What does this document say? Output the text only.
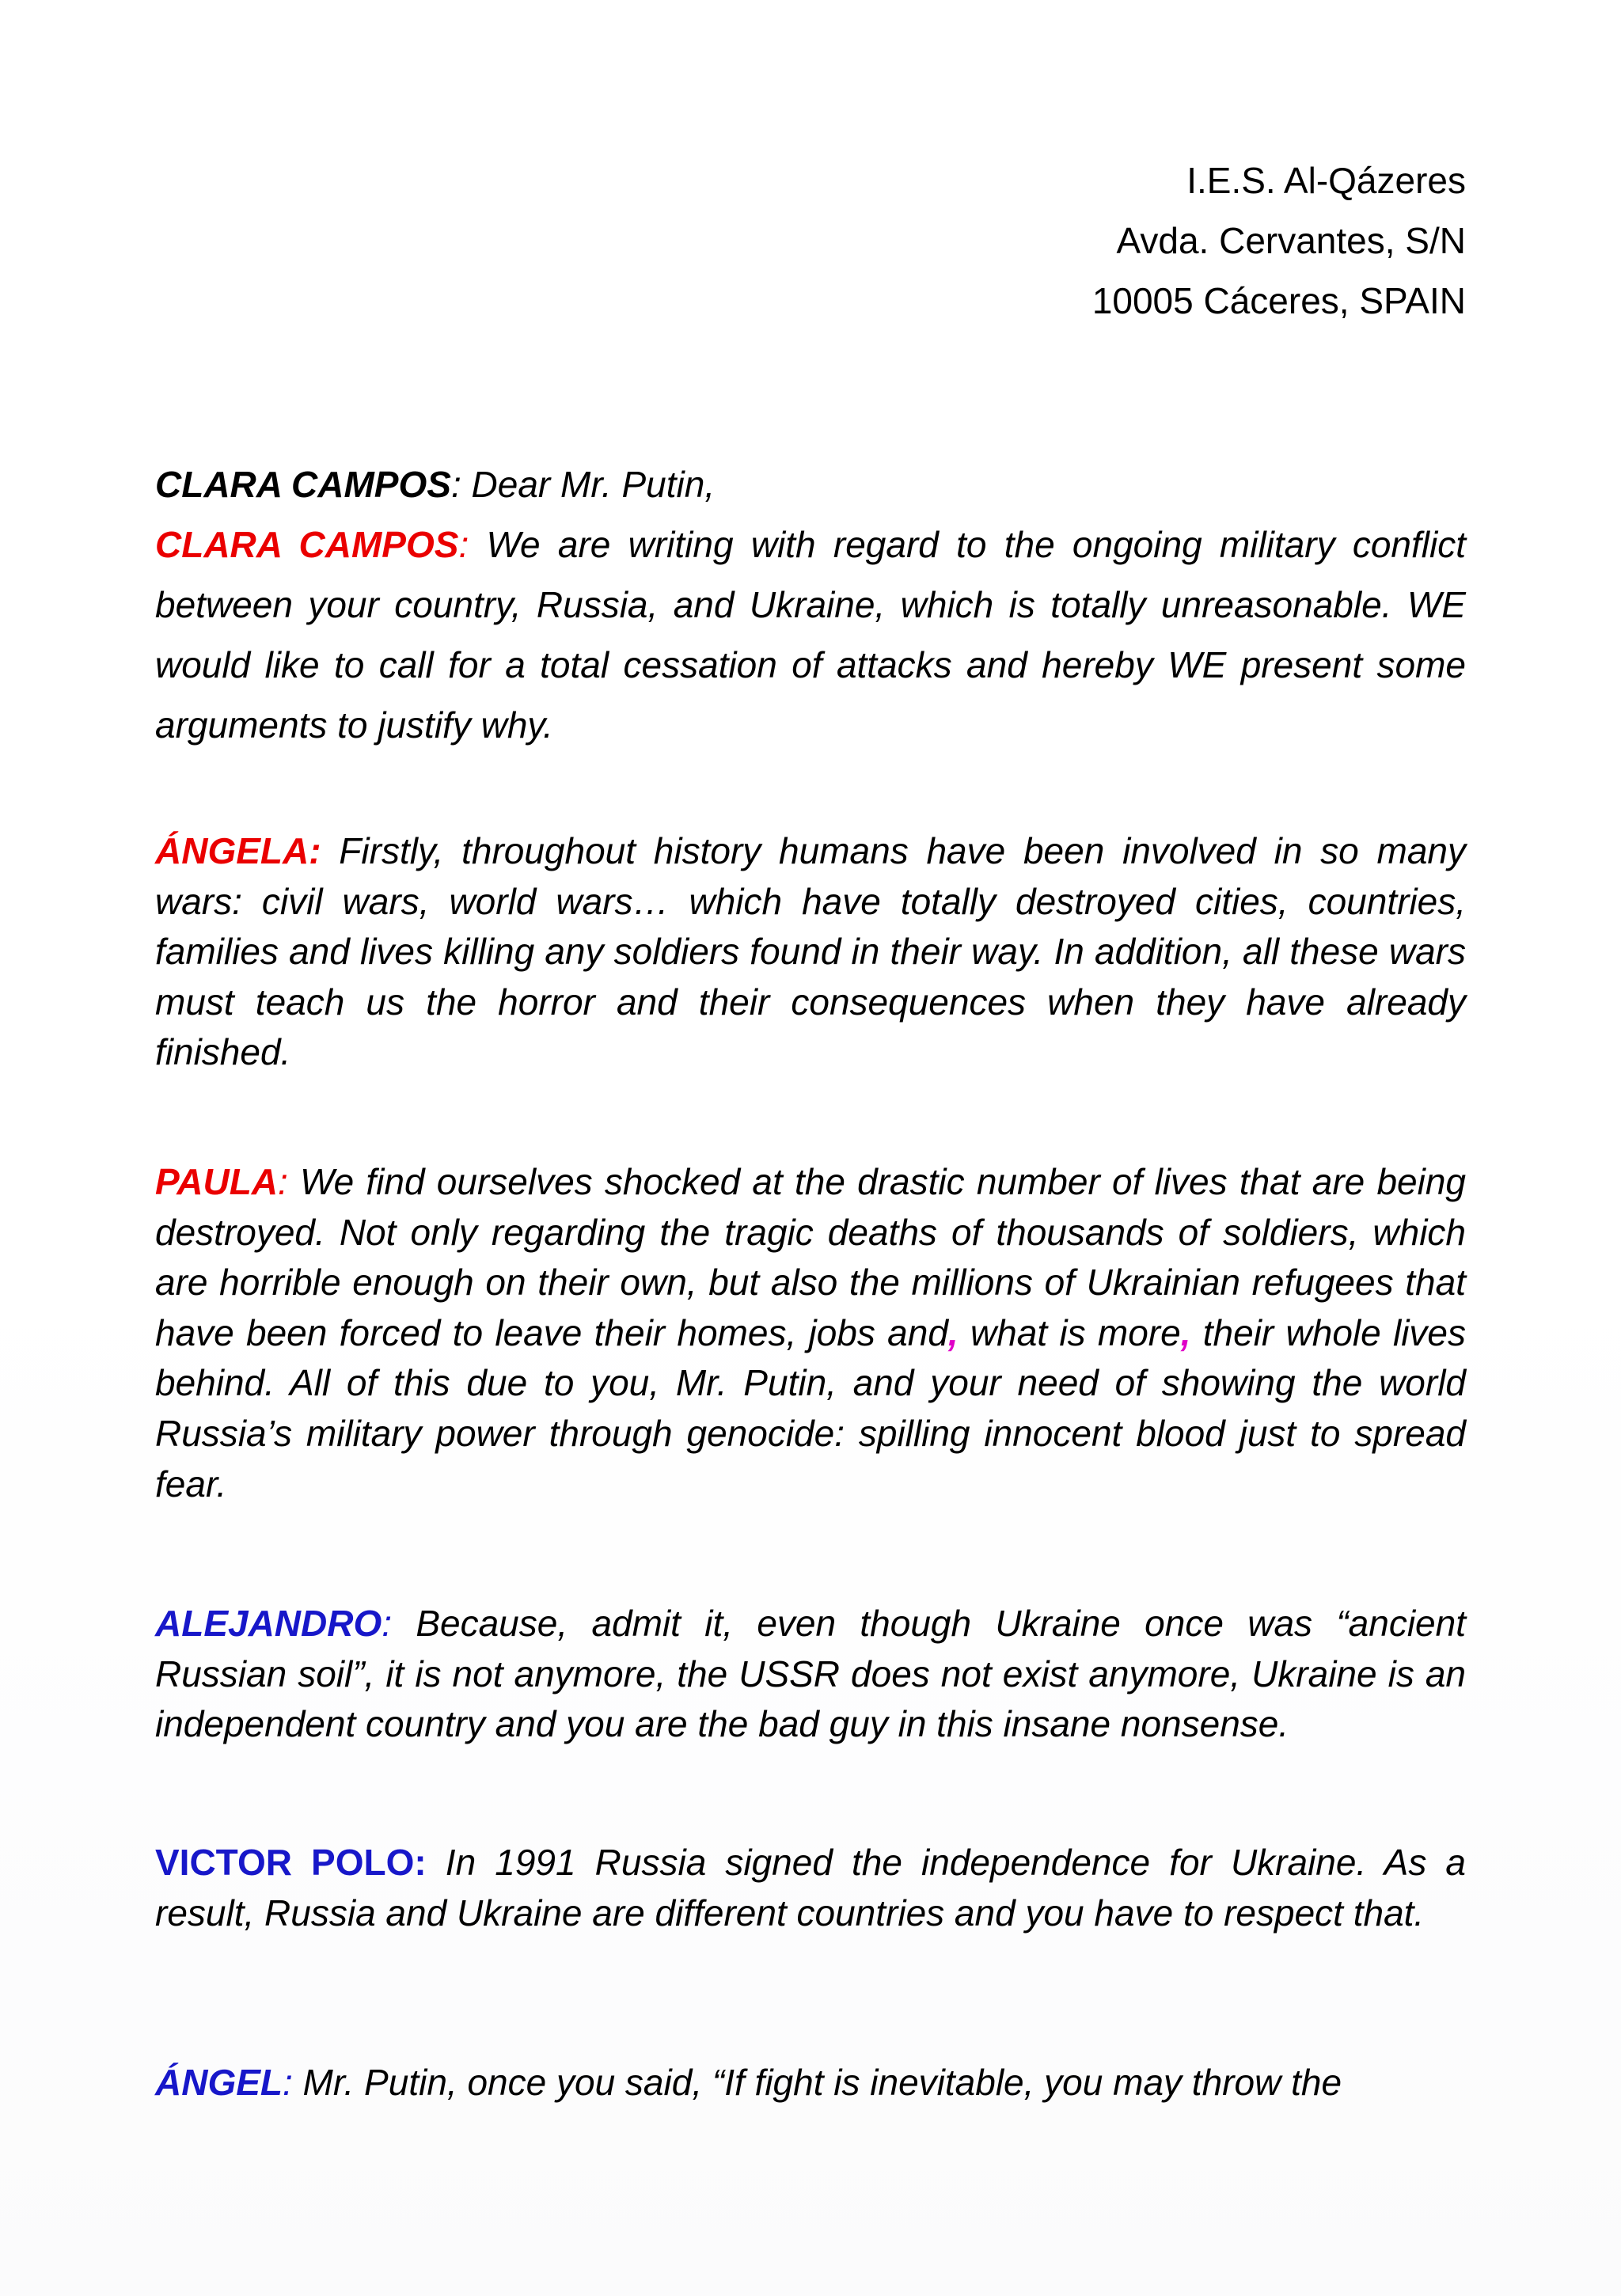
I.E.S. Al-Qázeres
Avda. Cervantes, S/N
10005 Cáceres, SPAIN

CLARA CAMPOS: Dear Mr. Putin,

CLARA CAMPOS: We are writing with regard to the ongoing military conflict between your country, Russia, and Ukraine, which is totally unreasonable. WE would like to call for a total cessation of attacks and hereby WE present some arguments to justify why.

ÁNGELA: Firstly, throughout history humans have been involved in so many wars: civil wars, world wars… which have totally destroyed cities, countries, families and lives killing any soldiers found in their way. In addition, all these wars must teach us the horror and their consequences when they have already finished.

PAULA: We find ourselves shocked at the drastic number of lives that are being destroyed. Not only regarding the tragic deaths of thousands of soldiers, which are horrible enough on their own, but also the millions of Ukrainian refugees that have been forced to leave their homes, jobs and, what is more, their whole lives behind. All of this due to you, Mr. Putin, and your need of showing the world Russia’s military power through genocide: spilling innocent blood just to spread fear.

ALEJANDRO: Because, admit it, even though Ukraine once was “ancient Russian soil”, it is not anymore, the USSR does not exist anymore, Ukraine is an independent country and you are the bad guy in this insane nonsense.

VICTOR POLO: In 1991 Russia signed the independence for Ukraine. As a result, Russia and Ukraine are different countries and you have to respect that.

ÁNGEL: Mr. Putin, once you said, “If fight is inevitable, you may throw the
